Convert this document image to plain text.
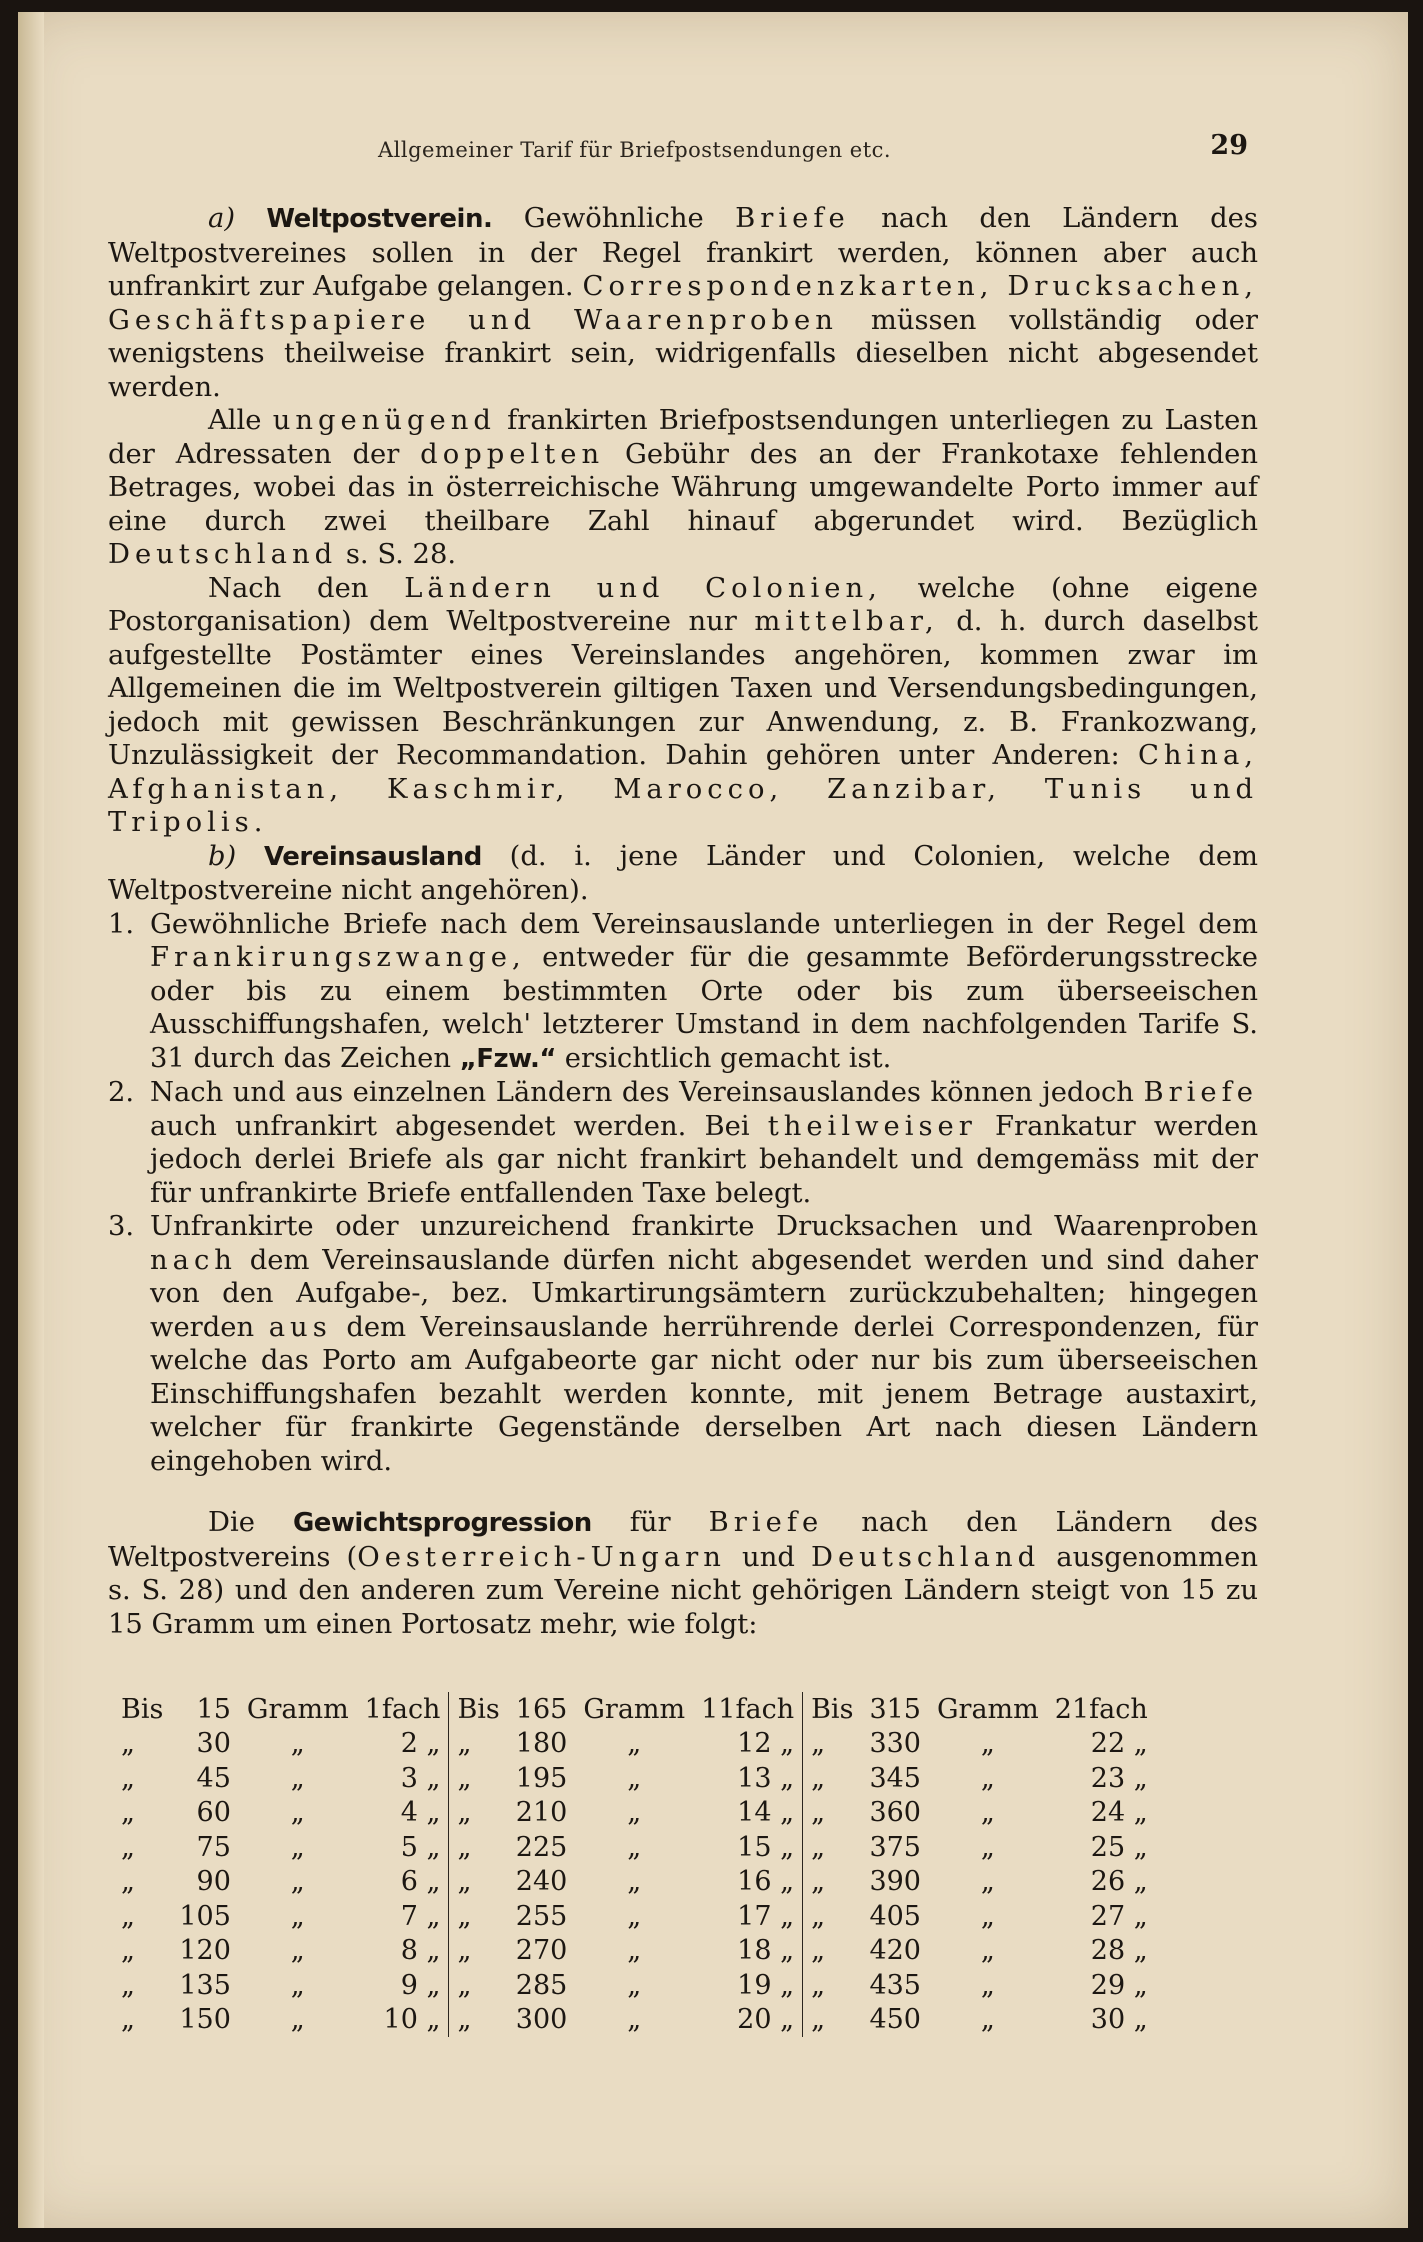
Allgemeiner Tarif für Briefpostsendungen etc.	29

a) Weltpostverein. Gewöhnliche Briefe nach den Ländern des Weltpostvereines sollen in der Regel frankirt werden, können aber auch unfrankirt zur Aufgabe gelangen. Correspondenzkarten, Drucksachen, Geschäftspapiere und Waarenproben müssen vollständig oder wenigstens theilweise frankirt sein, widrigenfalls dieselben nicht abgesendet werden.

Alle ungenügend frankirten Briefpostsendungen unterliegen zu Lasten der Adressaten der doppelten Gebühr des an der Frankotaxe fehlenden Betrages, wobei das in österreichische Währung umgewandelte Porto immer auf eine durch zwei theilbare Zahl hinauf abgerundet wird. Bezüglich Deutschland s. S. 28.

Nach den Ländern und Colonien, welche (ohne eigene Postorganisation) dem Weltpostvereine nur mittelbar, d. h. durch daselbst aufgestellte Postämter eines Vereinslandes angehören, kommen zwar im Allgemeinen die im Weltpostverein giltigen Taxen und Versendungsbedingungen, jedoch mit gewissen Beschränkungen zur Anwendung, z. B. Frankozwang, Unzulässigkeit der Recommandation. Dahin gehören unter Anderen: China, Afghanistan, Kaschmir, Marocco, Zanzibar, Tunis und Tripolis.

b) Vereinsausland (d. i. jene Länder und Colonien, welche dem Weltpostvereine nicht angehören).

1. Gewöhnliche Briefe nach dem Vereinsauslande unterliegen in der Regel dem Frankirungszwange, entweder für die gesammte Beförderungsstrecke oder bis zu einem bestimmten Orte oder bis zum überseeischen Ausschiffungshafen, welch' letzterer Umstand in dem nachfolgenden Tarife S. 31 durch das Zeichen „Fzw.“ ersichtlich gemacht ist.
2. Nach und aus einzelnen Ländern des Vereinsauslandes können jedoch Briefe auch unfrankirt abgesendet werden. Bei theilweiser Frankatur werden jedoch derlei Briefe als gar nicht frankirt behandelt und demgemäss mit der für unfrankirte Briefe entfallenden Taxe belegt.
3. Unfrankirte oder unzureichend frankirte Drucksachen und Waarenproben nach dem Vereinsauslande dürfen nicht abgesendet werden und sind daher von den Aufgabe-, bez. Umkartirungsämtern zurückzubehalten; hingegen werden aus dem Vereinsauslande herrührende derlei Correspondenzen, für welche das Porto am Aufgabeorte gar nicht oder nur bis zum überseeischen Einschiffungshafen bezahlt werden konnte, mit jenem Betrage austaxirt, welcher für frankirte Gegenstände derselben Art nach diesen Ländern eingehoben wird.

Die Gewichtsprogression für Briefe nach den Ländern des Weltpostvereins (Oesterreich-Ungarn und Deutschland ausgenommen s. S. 28) und den anderen zum Vereine nicht gehörigen Ländern steigt von 15 zu 15 Gramm um einen Portosatz mehr, wie folgt:

Bis	15	Gramm	1fach	Bis	165	Gramm	11fach	Bis	315	Gramm	21fach
„	30	„	2 „	„	180	„	12 „	„	330	„	22 „
„	45	„	3 „	„	195	„	13 „	„	345	„	23 „
„	60	„	4 „	„	210	„	14 „	„	360	„	24 „
„	75	„	5 „	„	225	„	15 „	„	375	„	25 „
„	90	„	6 „	„	240	„	16 „	„	390	„	26 „
„	105	„	7 „	„	255	„	17 „	„	405	„	27 „
„	120	„	8 „	„	270	„	18 „	„	420	„	28 „
„	135	„	9 „	„	285	„	19 „	„	435	„	29 „
„	150	„	10 „	„	300	„	20 „	„	450	„	30 „
